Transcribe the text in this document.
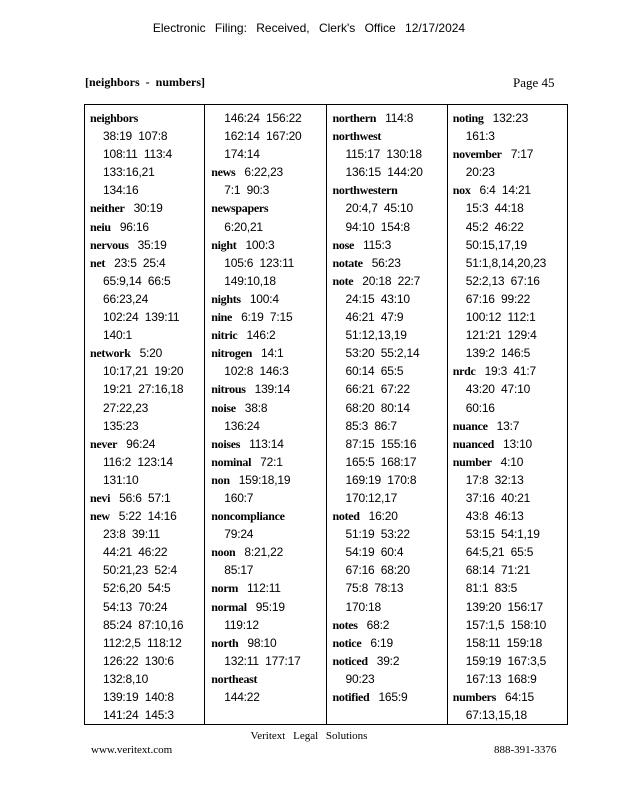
Electronic Filing: Received, Clerk's Office 12/17/2024
[neighbors - numbers]	Page 45
neighbors
38:19  107:8
108:11  113:4
133:16,21
134:16
neither 30:19
neiu 96:16
nervous 35:19
net 23:5  25:4
65:9,14  66:5
66:23,24
102:24  139:11
140:1
network 5:20
10:17,21  19:20
19:21  27:16,18
27:22,23
135:23
never 96:24
116:2  123:14
131:10
nevi 56:6  57:1
new 5:22  14:16
23:8  39:11
44:21  46:22
50:21,23  52:4
52:6,20  54:5
54:13  70:24
85:24  87:10,16
112:2,5  118:12
126:22  130:6
132:8,10
139:19  140:8
141:24  145:3
146:24  156:22
162:14  167:20
174:14
news 6:22,23
7:1  90:3
newspapers
6:20,21
night 100:3
105:6  123:11
149:10,18
nights 100:4
nine 6:19  7:15
nitric 146:2
nitrogen 14:1
102:8  146:3
nitrous 139:14
noise 38:8
136:24
noises 113:14
nominal 72:1
non 159:18,19
160:7
noncompliance
79:24
noon 8:21,22
85:17
norm 112:11
normal 95:19
119:12
north 98:10
132:11  177:17
northeast
144:22
northern 114:8
northwest
115:17  130:18
136:15  144:20
northwestern
20:4,7  45:10
94:10  154:8
nose 115:3
notate 56:23
note 20:18  22:7
24:15  43:10
46:21  47:9
51:12,13,19
53:20  55:2,14
60:14  65:5
66:21  67:22
68:20  80:14
85:3  86:7
87:15  155:16
165:5  168:17
169:19  170:8
170:12,17
noted 16:20
51:19  53:22
54:19  60:4
67:16  68:20
75:8  78:13
170:18
notes 68:2
notice 6:19
noticed 39:2
90:23
notified 165:9
noting 132:23
161:3
november 7:17
20:23
nox 6:4  14:21
15:3  44:18
45:2  46:22
50:15,17,19
51:1,8,14,20,23
52:2,13  67:16
67:16  99:22
100:12  112:1
121:21  129:4
139:2  146:5
nrdc 19:3  41:7
43:20  47:10
60:16
nuance 13:7
nuanced 13:10
number 4:10
17:8  32:13
37:16  40:21
43:8  46:13
53:15  54:1,19
64:5,21  65:5
68:14  71:21
81:1  83:5
139:20  156:17
157:1,5  158:10
158:11  159:18
159:19  167:3,5
167:13  168:9
numbers 64:15
67:13,15,18
Veritext Legal Solutions
www.veritext.com	888-391-3376
